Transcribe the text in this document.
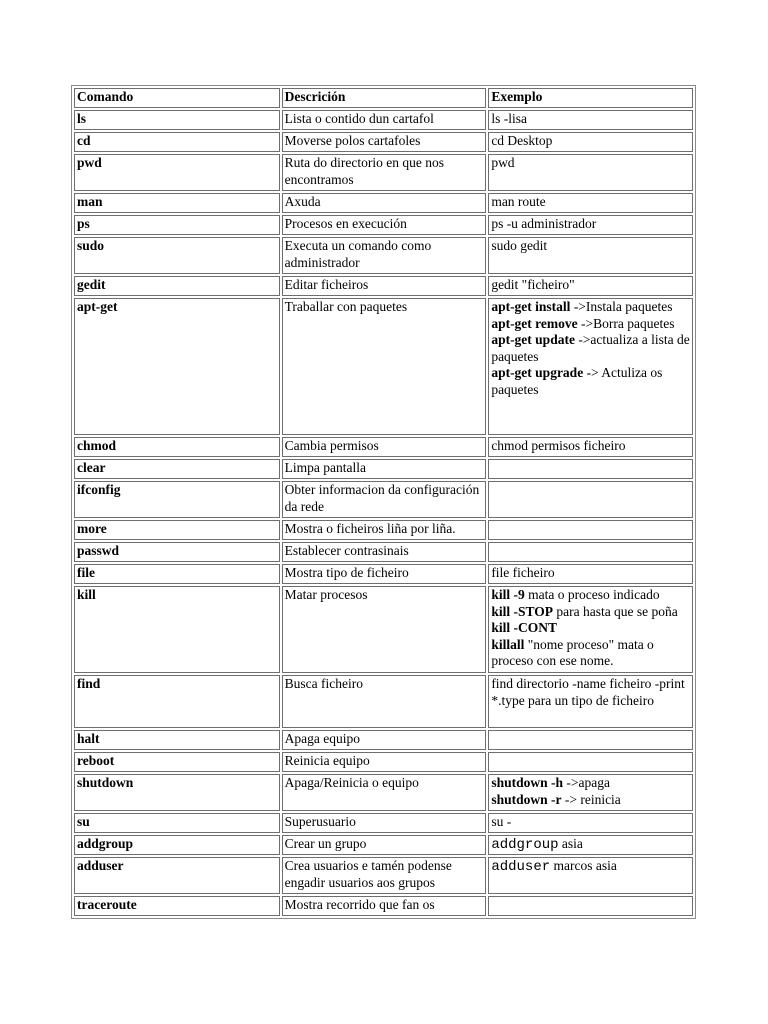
Comando	Descrición	Exemplo
ls	Lista o contido dun cartafol	ls -lisa
cd	Moverse polos cartafoles	cd Desktop
pwd	Ruta do directorio en que nos encontramos	pwd
man	Axuda	man route
ps	Procesos en execución	ps -u administrador
sudo	Executa un comando como administrador	sudo gedit
gedit	Editar ficheiros	gedit "ficheiro"
apt-get	Traballar con paquetes	apt-get install ->Instala paquetes
apt-get remove ->Borra paquetes
apt-get update ->actualiza a lista de paquetes
apt-get upgrade -> Actuliza os paquetes

chmod	Cambia permisos	chmod permisos ficheiro
clear	Limpa pantalla	
ifconfig	Obter informacion da configuración da rede	
more	Mostra o ficheiros liña por liña.	
passwd	Establecer contrasinais	
file	Mostra tipo de ficheiro	file ficheiro
kill	Matar procesos	kill -9 mata o proceso indicado
kill -STOP para hasta que se poña kill -CONT
killall "nome proceso" mata o proceso con ese nome.
find	Busca ficheiro	find directorio -name ficheiro -print
*.type para un tipo de ficheiro
halt	Apaga equipo	
reboot	Reinicia equipo	
shutdown	Apaga/Reinicia o equipo	shutdown -h ->apaga
shutdown -r -> reinicia

su	Superusuario	su -
addgroup	Crear un grupo	addgroup asia
adduser	Crea usuarios e tamén podense engadir usuarios aos grupos	adduser marcos asia
traceroute	Mostra recorrido que fan os	
